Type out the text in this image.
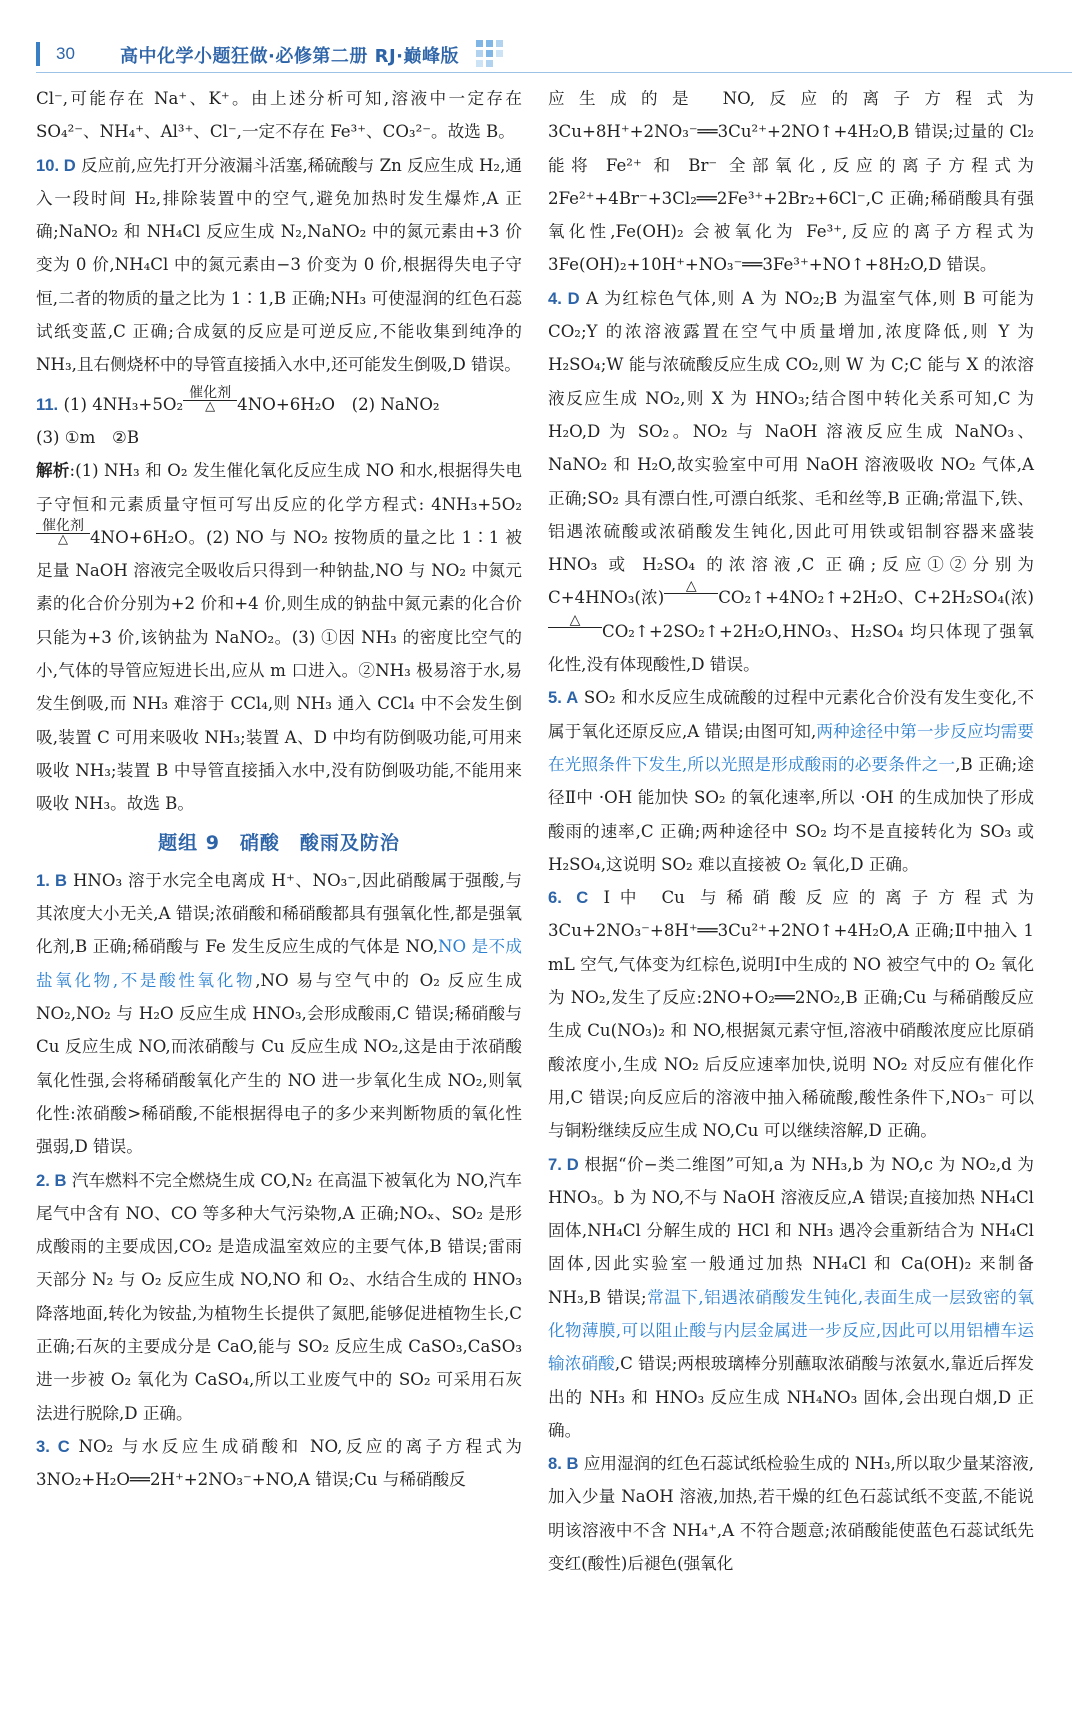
30	高中化学小题狂做·必修第二册 RJ·巅峰版

Cl⁻,可能存在 Na⁺、K⁺。由上述分析可知,溶液中一定存在 SO₄²⁻、NH₄⁺、Al³⁺、Cl⁻,一定不存在 Fe³⁺、CO₃²⁻。故选 B。

10. D 反应前,应先打开分液漏斗活塞,稀硫酸与 Zn 反应生成 H₂,通入一段时间 H₂,排除装置中的空气,避免加热时发生爆炸,A 正确;NaNO₂ 和 NH₄Cl 反应生成 N₂,NaNO₂ 中的氮元素由+3 价变为 0 价,NH₄Cl 中的氮元素由−3 价变为 0 价,根据得失电子守恒,二者的物质的量之比为 1∶1,B 正确;NH₃ 可使湿润的红色石蕊试纸变蓝,C 正确;合成氨的反应是可逆反应,不能收集到纯净的 NH₃,且右侧烧杯中的导管直接插入水中,还可能发生倒吸,D 错误。

11. (1) 4NH₃+5O₂
催化剂
△	4NO+6H₂O　(2) NaNO₂

(3) ①m　②B

解析:(1) NH₃ 和 O₂ 发生催化氧化反应生成 NO 和水,根据得失电子守恒和元素质量守恒可写出反应的化学方程式: 4NH₃+5O₂
催化剂
△	4NO+6H₂O。(2) NO 与 NO₂ 按物质的量之比 1∶1 被足量 NaOH 溶液完全吸收后只得到一种钠盐,NO 与 NO₂ 中氮元素的化合价分别为+2 价和+4 价,则生成的钠盐中氮元素的化合价只能为+3 价,该钠盐为 NaNO₂。(3) ①因 NH₃ 的密度比空气的小,气体的导管应短进长出,应从 m 口进入。②NH₃ 极易溶于水,易发生倒吸,而 NH₃ 难溶于 CCl₄,则 NH₃ 通入 CCl₄ 中不会发生倒吸,装置 C 可用来吸收 NH₃;装置 A、D 中均有防倒吸功能,可用来吸收 NH₃;装置 B 中导管直接插入水中,没有防倒吸功能,不能用来吸收 NH₃。故选 B。

题组 9　硝酸　酸雨及防治

1. B HNO₃ 溶于水完全电离成 H⁺、NO₃⁻,因此硝酸属于强酸,与其浓度大小无关,A 错误;浓硝酸和稀硝酸都具有强氧化性,都是强氧化剂,B 正确;稀硝酸与 Fe 发生反应生成的气体是 NO,NO 是不成盐氧化物,不是酸性氧化物,NO 易与空气中的 O₂ 反应生成 NO₂,NO₂ 与 H₂O 反应生成 HNO₃,会形成酸雨,C 错误;稀硝酸与 Cu 反应生成 NO,而浓硝酸与 Cu 反应生成 NO₂,这是由于浓硝酸氧化性强,会将稀硝酸氧化产生的 NO 进一步氧化生成 NO₂,则氧化性:浓硝酸>稀硝酸,不能根据得电子的多少来判断物质的氧化性强弱,D 错误。

2. B 汽车燃料不完全燃烧生成 CO,N₂ 在高温下被氧化为 NO,汽车尾气中含有 NO、CO 等多种大气污染物,A 正确;NOₓ、SO₂ 是形成酸雨的主要成因,CO₂ 是造成温室效应的主要气体,B 错误;雷雨天部分 N₂ 与 O₂ 反应生成 NO,NO 和 O₂、水结合生成的 HNO₃ 降落地面,转化为铵盐,为植物生长提供了氮肥,能够促进植物生长,C 正确;石灰的主要成分是 CaO,能与 SO₂ 反应生成 CaSO₃,CaSO₃ 进一步被 O₂ 氧化为 CaSO₄,所以工业废气中的 SO₂ 可采用石灰法进行脱除,D 正确。

3. C NO₂ 与水反应生成硝酸和 NO,反应的离子方程式为 3NO₂+H₂O══2H⁺+2NO₃⁻+NO,A 错误;Cu 与稀硝酸反

应生成的是 NO,反应的离子方程式为 3Cu+8H⁺+2NO₃⁻══3Cu²⁺+2NO↑+4H₂O,B 错误;过量的 Cl₂ 能将 Fe²⁺ 和 Br⁻ 全部氧化,反应的离子方程式为 2Fe²⁺+4Br⁻+3Cl₂══2Fe³⁺+2Br₂+6Cl⁻,C 正确;稀硝酸具有强氧化性,Fe(OH)₂ 会被氧化为 Fe³⁺,反应的离子方程式为 3Fe(OH)₂+10H⁺+NO₃⁻══3Fe³⁺+NO↑+8H₂O,D 错误。

4. D A 为红棕色气体,则 A 为 NO₂;B 为温室气体,则 B 可能为 CO₂;Y 的浓溶液露置在空气中质量增加,浓度降低,则 Y 为 H₂SO₄;W 能与浓硫酸反应生成 CO₂,则 W 为 C;C 能与 X 的浓溶液反应生成 NO₂,则 X 为 HNO₃;结合图中转化关系可知,C 为 H₂O,D 为 SO₂。NO₂ 与 NaOH 溶液反应生成 NaNO₃、NaNO₂ 和 H₂O,故实验室中可用 NaOH 溶液吸收 NO₂ 气体,A 正确;SO₂ 具有漂白性,可漂白纸浆、毛和丝等,B 正确;常温下,铁、铝遇浓硫酸或浓硝酸发生钝化,因此可用铁或铝制容器来盛装 HNO₃ 或 H₂SO₄ 的浓溶液,C 正确;反应①②分别为 C+4HNO₃(浓)
△

CO₂↑+4NO₂↑+2H₂O、C+2H₂SO₄(浓)
△

CO₂↑+2SO₂↑+2H₂O,HNO₃、H₂SO₄ 均只体现了强氧化性,没有体现酸性,D 错误。

5. A SO₂ 和水反应生成硫酸的过程中元素化合价没有发生变化,不属于氧化还原反应,A 错误;由图可知,两种途径中第一步反应均需要在光照条件下发生,所以光照是形成酸雨的必要条件之一,B 正确;途径Ⅱ中 ·OH 能加快 SO₂ 的氧化速率,所以 ·OH 的生成加快了形成酸雨的速率,C 正确;两种途径中 SO₂ 均不是直接转化为 SO₃ 或 H₂SO₄,这说明 SO₂ 难以直接被 O₂ 氧化,D 正确。

6. C Ⅰ中 Cu 与稀硝酸反应的离子方程式为 3Cu+2NO₃⁻+8H⁺══3Cu²⁺+2NO↑+4H₂O,A 正确;Ⅱ中抽入 1 mL 空气,气体变为红棕色,说明Ⅰ中生成的 NO 被空气中的 O₂ 氧化为 NO₂,发生了反应:2NO+O₂══2NO₂,B 正确;Cu 与稀硝酸反应生成 Cu(NO₃)₂ 和 NO,根据氮元素守恒,溶液中硝酸浓度应比原硝酸浓度小,生成 NO₂ 后反应速率加快,说明 NO₂ 对反应有催化作用,C 错误;向反应后的溶液中抽入稀硫酸,酸性条件下,NO₃⁻ 可以与铜粉继续反应生成 NO,Cu 可以继续溶解,D 正确。

7. D 根据“价−类二维图”可知,a 为 NH₃,b 为 NO,c 为 NO₂,d 为 HNO₃。b 为 NO,不与 NaOH 溶液反应,A 错误;直接加热 NH₄Cl 固体,NH₄Cl 分解生成的 HCl 和 NH₃ 遇冷会重新结合为 NH₄Cl 固体,因此实验室一般通过加热 NH₄Cl 和 Ca(OH)₂ 来制备 NH₃,B 错误;常温下,铝遇浓硝酸发生钝化,表面生成一层致密的氧化物薄膜,可以阻止酸与内层金属进一步反应,因此可以用铝槽车运输浓硝酸,C 错误;两根玻璃棒分别蘸取浓硝酸与浓氨水,靠近后挥发出的 NH₃ 和 HNO₃ 反应生成 NH₄NO₃ 固体,会出现白烟,D 正确。

8. B 应用湿润的红色石蕊试纸检验生成的 NH₃,所以取少量某溶液,加入少量 NaOH 溶液,加热,若干燥的红色石蕊试纸不变蓝,不能说明该溶液中不含 NH₄⁺,A 不符合题意;浓硝酸能使蓝色石蕊试纸先变红(酸性)后褪色(强氧化
